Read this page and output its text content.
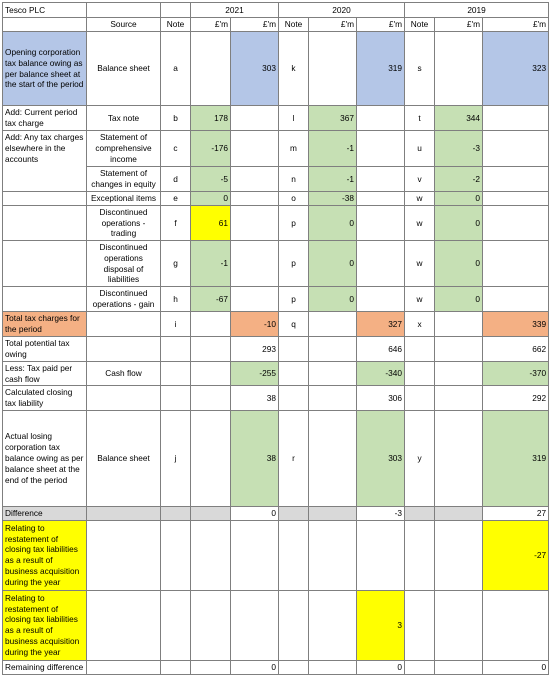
Tesco PLC			2021		2020			2019		
	Source	Note	£'m	£'m	Note	£'m	£'m	Note	£'m	£'m
Opening corporation tax balance owing as per balance sheet at the start of the period	Balance sheet	a		303	k		319	s		323
Add: Current period tax charge	Tax note	b	178		l	367		t	344	
Add: Any tax charges elsewhere in the accounts	Statement of comprehensive income	c	-176		m	-1		u	-3	
	Statement of changes in equity	d	-5		n	-1		v	-2	
	Exceptional items	e	0		o	-38		w	0	
	Discontinued operations - trading	f	61		p	0		w	0	
	Discontinued operations disposal of liabilities	g	-1		p	0		w	0	
	Discontinued operations - gain	h	-67		p	0		w	0	
Total tax charges for the period		i		-10	q		327	x		339
Total potential tax owing				293			646			662
Less: Tax paid per cash flow	Cash flow			-255			-340			-370
Calculated closing tax liability				38			306			292
Actual losing corporation tax balance owing as per balance sheet at the end of the period	Balance sheet	j		38	r		303	y		319
Difference				0			-3			27
Relating to restatement of closing tax liabilities as a result of business acquisition during the year										-27
Relating to restatement of closing tax liabilities as a result of business acquisition during the year							3			
Remaining difference				0			0			0
